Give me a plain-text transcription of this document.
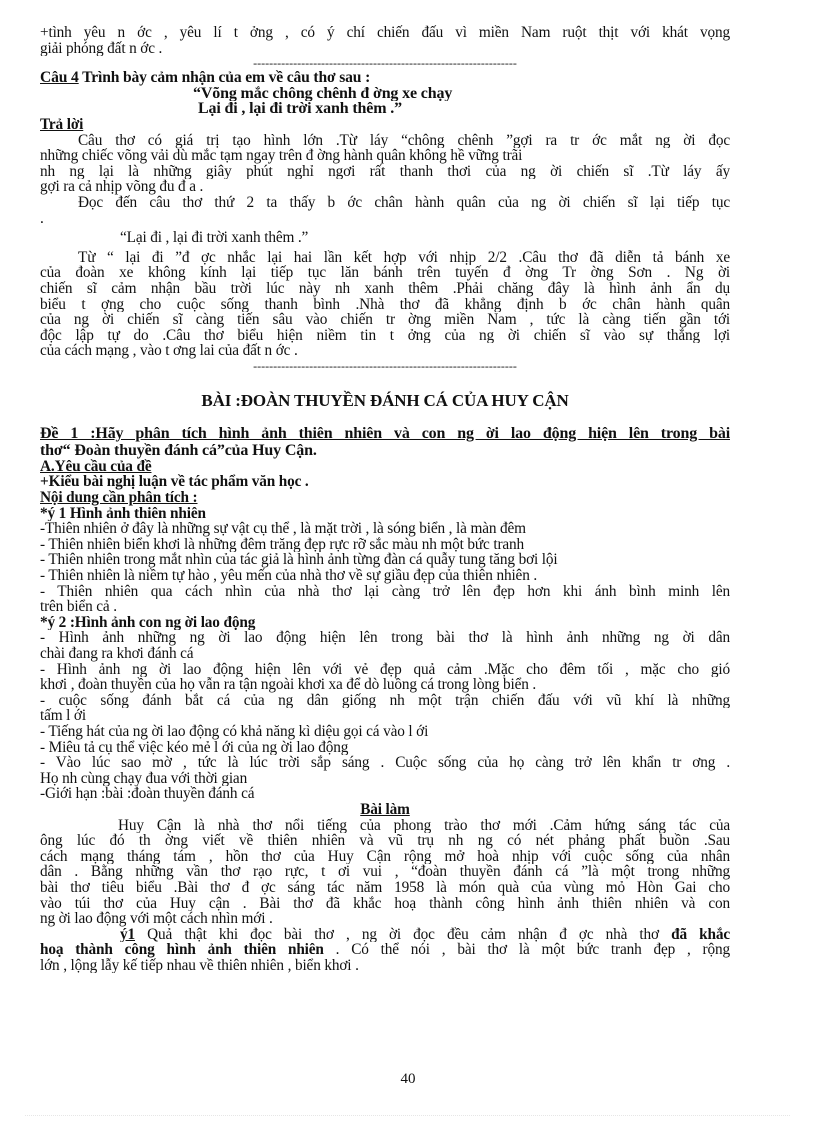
+tình yêu n ớc , yêu lí t ởng , có ý chí chiến đấu vì miền Nam ruột thịt với khát vọng
giải phóng đất n ớc .
------------------------------------------------------------------
Câu 4 Trình bày cảm nhận của em về câu thơ sau :
“Võng mắc chông chênh đ ờng xe chạy
Lại đi , lại đi trời xanh thêm .”
Trả lời
Câu thơ có giá trị tạo hình lớn .Từ láy “chông chênh ”gợi ra tr ớc mắt ng ời đọc
những chiếc võng vải dù mắc tạm ngay trên đ ờng hành quân không hề vững trãi
nh ng lại là những giây phút nghỉ ngơi rất thanh thơi của ng ời chiến sĩ .Từ láy ấy
gợi ra cả nhịp võng đu đ a .
Đọc đến câu thơ thứ 2 ta thấy b ớc chân hành quân của ng ời chiến sĩ lại tiếp tục
.
“Lại đi , lại đi trời xanh thêm .”
Từ “ lại đi ”đ ợc nhắc lại hai lần kết hợp với nhịp 2/2 .Câu thơ đã diễn tả bánh xe
của đoàn xe không kính lại tiếp tục lăn bánh trên tuyến đ ờng Tr ờng Sơn . Ng ời
chiến sĩ cảm nhận bầu trời lúc này nh xanh thêm .Phải chăng đây là hình ảnh ẩn dụ
biểu t ợng cho cuộc sống thanh bình .Nhà thơ đã khẳng định b ớc chân hành quân
của ng ời chiến sĩ càng tiến sâu vào chiến tr ờng miền Nam , tức là càng tiến gần tới
độc lập tự do .Câu thơ biểu hiện niềm tin t ởng của ng ời chiến sĩ vào sự thắng lợi
của cách mạng , vào t ơng lai của đất n ớc .
------------------------------------------------------------------
BÀI :ĐOÀN THUYỀN ĐÁNH CÁ CỦA HUY CẬN
Đề 1 :Hãy phân tích hình ảnh thiên nhiên và con ng ời lao động hiện lên trong bài
thơ“ Đoàn thuyền đánh cá”của Huy Cận.
A.Yêu cầu của đề
+Kiểu bài nghị luận về tác phẩm văn học .
Nội dung cần phân tích :
*ý 1 Hình ảnh thiên nhiên
-Thiên nhiên ở đây là những sự vật cụ thể , là mặt trời , là sóng biển , là màn đêm
- Thiên nhiên biển khơi là những đêm trăng đẹp rực rỡ sắc màu nh một bức tranh
- Thiên nhiên trong mắt nhìn của tác giả là hình ảnh từng đàn cá quẫy tung tăng bơi lội
- Thiên nhiên là niềm tự hào , yêu mến của nhà thơ về sự giầu đẹp của thiên nhiên .
- Thiên nhiên qua cách nhìn của nhà thơ lại càng trở lên đẹp hơn khi ánh bình minh lên
trên biển cả .
*ý 2 :Hình ảnh con ng ời lao động
- Hình ảnh những ng ời lao động hiện lên trong bài thơ là hình ảnh những ng ời dân
chài đang ra khơi đánh cá
- Hình ảnh ng ời lao động hiện lên với vẻ đẹp quả cảm .Mặc cho đêm tối , mặc cho gió
khơi , đoàn thuyền của họ vẫn ra tận ngoài khơi xa để dò luồng cá trong lòng biển .
- cuộc sống đánh bắt cá của ng dân giống nh một trận chiến đấu với vũ khí là những
tấm l ới
- Tiếng hát của ng ời lao động có khả năng kì diệu gọi cá vào l ới
- Miêu tả cụ thể việc kéo mẻ l ới của ng ời lao động
- Vào lúc sao mờ , tức là lúc trời sắp sáng . Cuộc sống của họ càng trở lên khẩn tr ơng .
Họ nh cùng chạy đua với thời gian
-Giới hạn :bài :đoàn thuyền đánh cá
Bài làm
Huy Cận là nhà thơ nổi tiếng của phong trào thơ mới .Cảm hứng sáng tác của
ông lúc đó th ờng viết về thiên nhiên và vũ trụ nh ng có nét phảng phất buồn .Sau
cách mạng tháng tám , hồn thơ của Huy Cận rộng mở hoà nhịp với cuộc sống của nhân
dân . Bằng những vần thơ rạo rực, t ơi vui , “đoàn thuyền đánh cá ”là một trong những
bài thơ tiêu biểu .Bài thơ đ ợc sáng tác năm 1958 là món quà của vùng mỏ Hòn Gai cho
vào túi thơ của Huy cận . Bài thơ đã khắc hoạ thành công hình ảnh thiên nhiên và con
ng ời lao động với một cách nhìn mới .
ý1 Quả thật khi đọc bài thơ , ng ời đọc đều cảm nhận đ ợc nhà thơ đã khắc
hoạ thành công hình ảnh thiên nhiên . Có thể nói , bài thơ là một bức tranh đẹp , rộng
lớn , lộng lẫy kế tiếp nhau về thiên nhiên , biển khơi .
40
